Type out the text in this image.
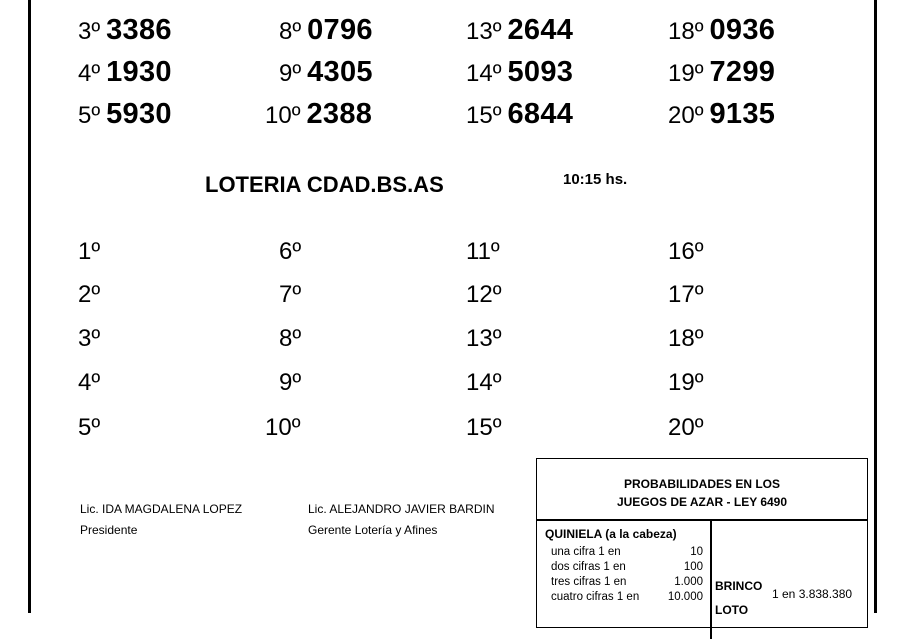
3º 3386	8º 0796	13º 2644	18º 0936
4º 1930	9º 4305	14º 5093	19º 7299
5º 5930	10º 2388	15º 6844	20º 9135
LOTERIA CDAD.BS.AS	10:15 hs.
1º	6º	11º	16º
2º	7º	12º	17º
3º	8º	13º	18º
4º	9º	14º	19º
5º	10º	15º	20º
Lic. IDA MAGDALENA LOPEZ
Presidente
Lic. ALEJANDRO JAVIER BARDIN
Gerente Lotería y Afines
PROBABILIDADES EN LOS
JUEGOS DE AZAR - LEY 6490
QUINIELA (a la cabeza)
una cifra 1 en	10
dos cifras 1 en	100
tres cifras 1 en	1.000
cuatro cifras 1 en 10.000
BRINCO
1 en 3.838.380
LOTO
